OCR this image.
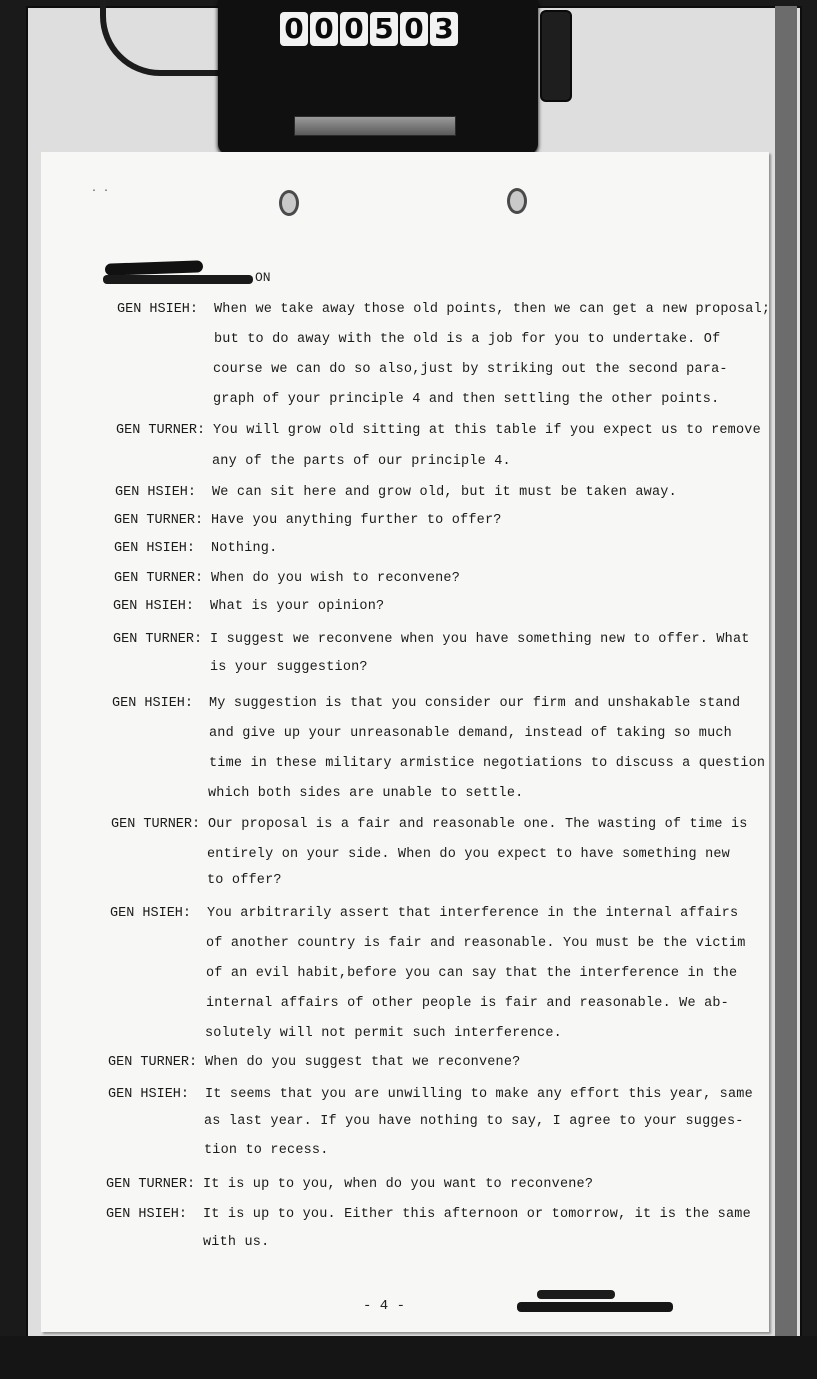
0 0 0 5 0 3
· ·
ON
GEN HSIEH: When we take away those old points, then we can get a new proposal;
but to do away with the old is a job for you to undertake. Of
course we can do so also,just by striking out the second para-
graph of your principle 4 and then settling the other points.
GEN TURNER: You will grow old sitting at this table if you expect us to remove
any of the parts of our principle 4.
GEN HSIEH: We can sit here and grow old, but it must be taken away.
GEN TURNER: Have you anything further to offer?
GEN HSIEH: Nothing.
GEN TURNER: When do you wish to reconvene?
GEN HSIEH: What is your opinion?
GEN TURNER: I suggest we reconvene when you have something new to offer. What
is your suggestion?
GEN HSIEH: My suggestion is that you consider our firm and unshakable stand
and give up your unreasonable demand, instead of taking so much
time in these military armistice negotiations to discuss a question
which both sides are unable to settle.
GEN TURNER: Our proposal is a fair and reasonable one. The wasting of time is
entirely on your side. When do you expect to have something new
to offer?
GEN HSIEH: You arbitrarily assert that interference in the internal affairs
of another country is fair and reasonable. You must be the victim
of an evil habit,before you can say that the interference in the
internal affairs of other people is fair and reasonable. We ab-
solutely will not permit such interference.
GEN TURNER: When do you suggest that we reconvene?
GEN HSIEH: It seems that you are unwilling to make any effort this year, same
as last year. If you have nothing to say, I agree to your sugges-
tion to recess.
GEN TURNER: It is up to you, when do you want to reconvene?
GEN HSIEH: It is up to you. Either this afternoon or tomorrow, it is the same
with us.
- 4 -
